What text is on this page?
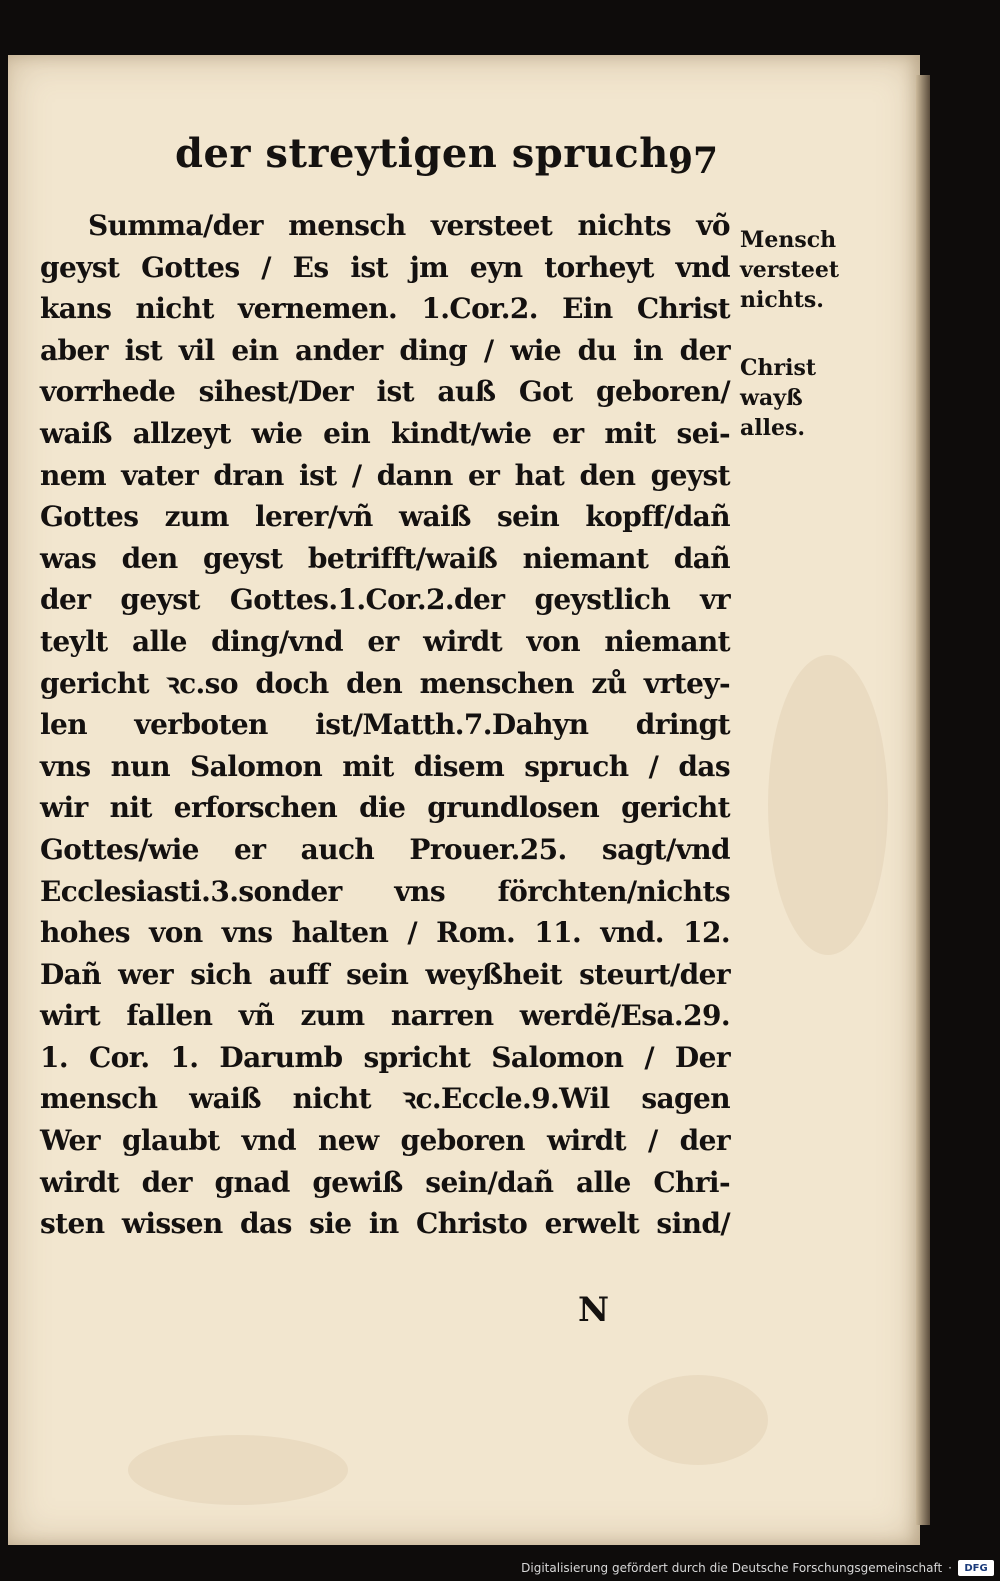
der streytigen spruch.
97
Summa/der mensch versteet nichts võ
geyst Gottes / Es ist jm eyn torheyt vnd
kans nicht vernemen. 1.Cor.2. Ein Christ
aber ist vil ein ander ding / wie du in der
vorrhede sihest/Der ist auß Got geboren/
waiß allzeyt wie ein kindt/wie er mit sei-
nem vater dran ist / dann er hat den geyst
Gottes zum lerer/vñ waiß sein kopff/dañ
was den geyst betrifft/waiß niemant dañ
der geyst Gottes.1.Cor.2.der geystlich vr
teylt alle ding/vnd er wirdt von niemant
gericht ꝛc.so doch den menschen zů vrtey-
len verboten ist/Matth.7.Dahyn dringt
vns nun Salomon mit disem spruch / das
wir nit erforschen die grundlosen gericht
Gottes/wie er auch Prouer.25. sagt/vnd
Ecclesiasti.3.sonder vns förchten/nichts
hohes von vns halten / Rom. 11. vnd. 12.
Dañ wer sich auff sein weyßheit steurt/der
wirt fallen vñ zum narren werdẽ/Esa.29.
1. Cor. 1. Darumb spricht Salomon / Der
mensch waiß nicht ꝛc.Eccle.9.Wil sagen
Wer glaubt vnd new geboren wirdt / der
wirdt der gnad gewiß sein/dañ alle Chri-
sten wissen das sie in Christo erwelt sind/
Mensch
versteet
nichts.
Christ
wayß
alles.
N
Digitalisierung gefördert durch die Deutsche Forschungsgemeinschaft · DFG
